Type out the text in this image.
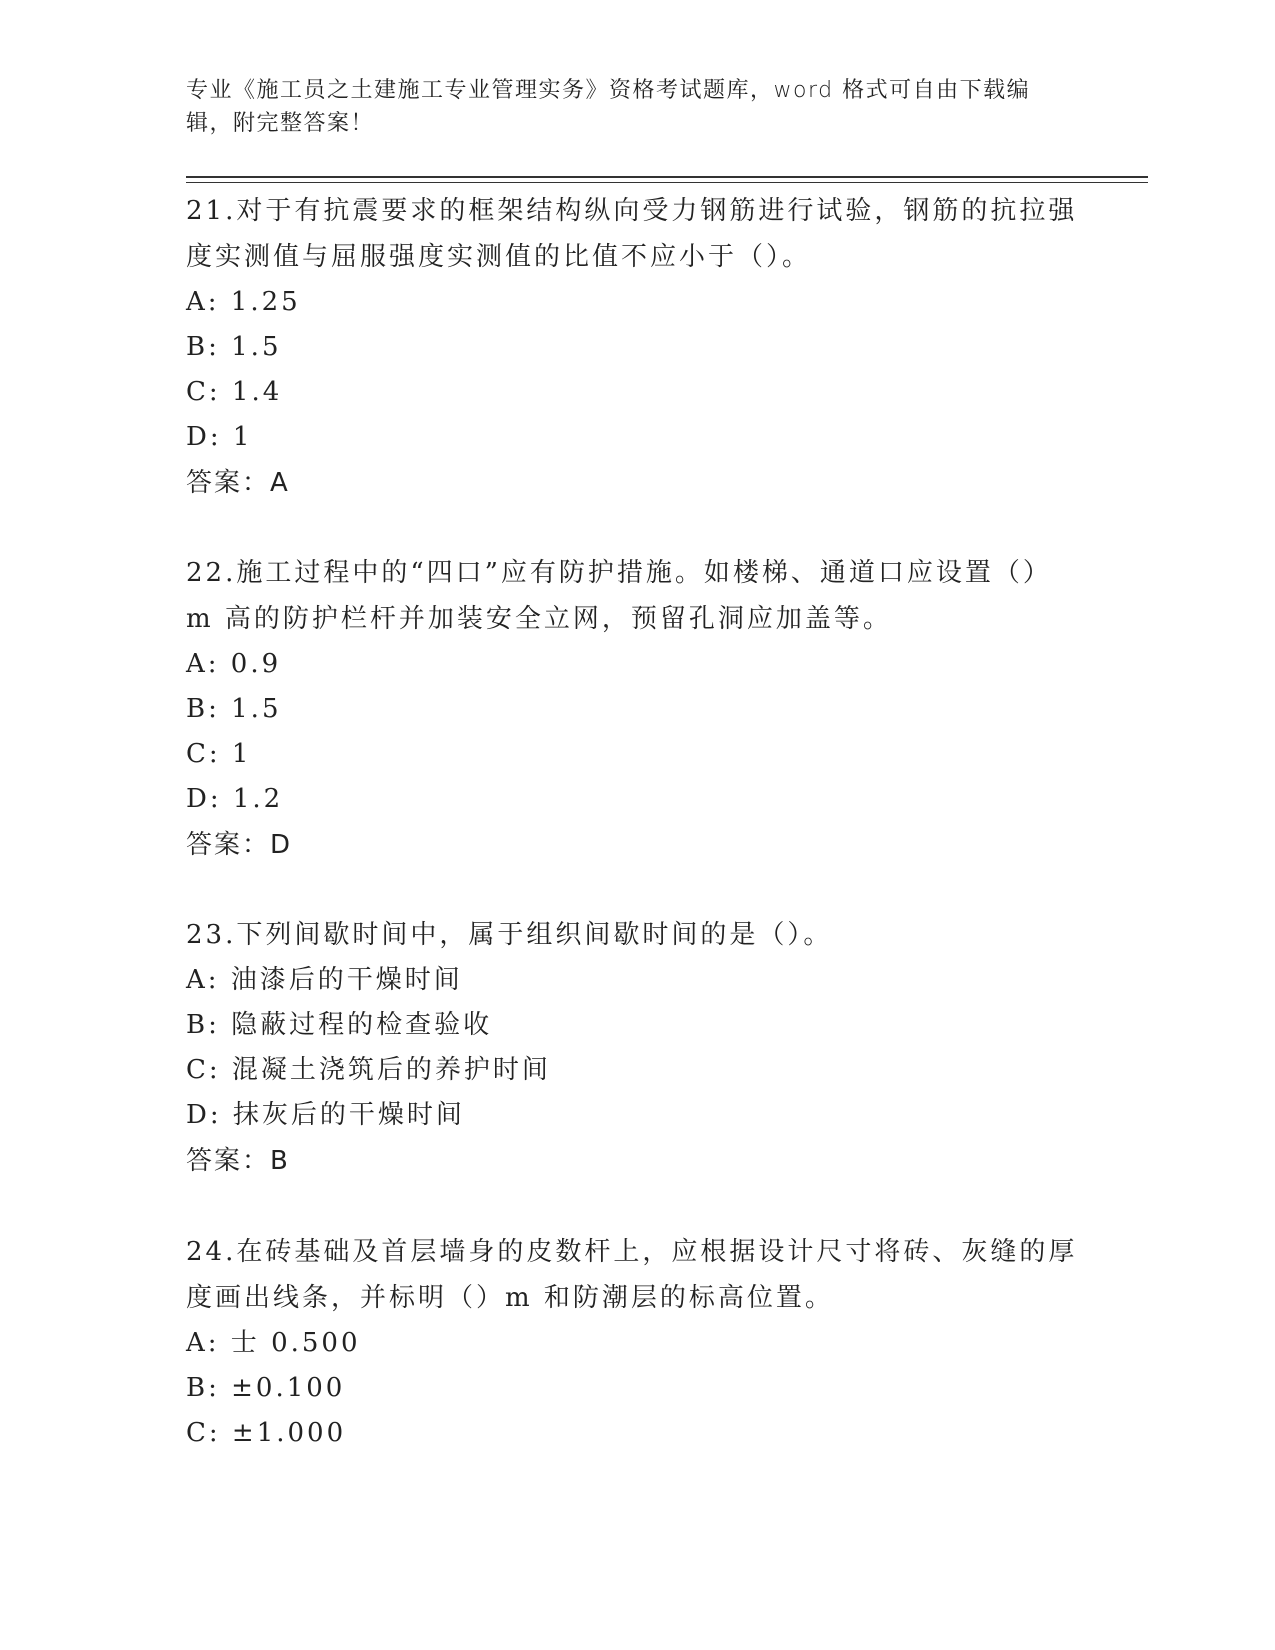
专业《施工员之土建施工专业管理实务》资格考试题库，word 格式可自由下载编
辑，附完整答案！

21.对于有抗震要求的框架结构纵向受力钢筋进行试验，钢筋的抗拉强

度实测值与屈服强度实测值的比值不应小于（）。

A: 1.25

B: 1.5

C: 1.4

D: 1

答案：A

22.施工过程中的“四口”应有防护措施。如楼梯、通道口应设置（）

m 高的防护栏杆并加装安全立网，预留孔洞应加盖等。

A: 0.9

B: 1.5

C: 1

D: 1.2

答案：D

23.下列间歇时间中，属于组织间歇时间的是（）。

A: 油漆后的干燥时间

B: 隐蔽过程的检查验收

C: 混凝土浇筑后的养护时间

D: 抹灰后的干燥时间

答案：B

24.在砖基础及首层墙身的皮数杆上，应根据设计尺寸将砖、灰缝的厚

度画出线条，并标明（）m 和防潮层的标高位置。

A: 士 0.500

B: ±0.100

C: ±1.000
